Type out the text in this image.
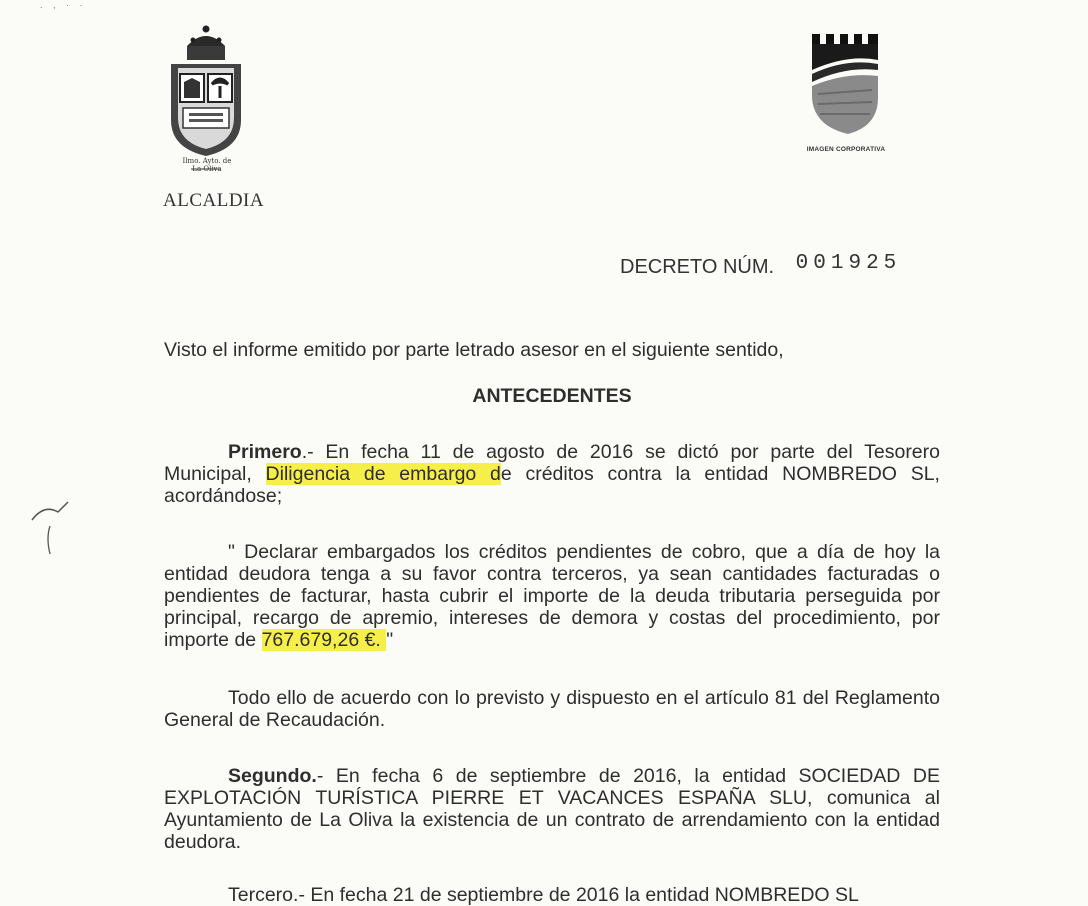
. , · ·
Ilmo. Ayto. de
La Oliva
ALCALDIA
IMAGEN CORPORATIVA
DECRETO NÚM. 001925
Visto el informe emitido por parte letrado asesor en el siguiente sentido,
ANTECEDENTES
Primero.- En fecha 11 de agosto de 2016 se dictó por parte del Tesorero Municipal, Diligencia de embargo de créditos contra la entidad NOMBREDO SL, acordándose;
" Declarar embargados los créditos pendientes de cobro, que a día de hoy la entidad deudora tenga a su favor contra terceros, ya sean cantidades facturadas o pendientes de facturar, hasta cubrir el importe de la deuda tributaria perseguida por principal, recargo de apremio, intereses de demora y costas del procedimiento, por importe de 767.679,26 €. "
Todo ello de acuerdo con lo previsto y dispuesto en el artículo 81 del Reglamento General de Recaudación.
Segundo.- En fecha 6 de septiembre de 2016, la entidad SOCIEDAD DE EXPLOTACIÓN TURÍSTICA PIERRE ET VACANCES ESPAÑA SLU, comunica al Ayuntamiento de La Oliva la existencia de un contrato de arrendamiento con la entidad deudora.
Tercero.- En fecha 21 de septiembre de 2016 la entidad NOMBREDO SL
